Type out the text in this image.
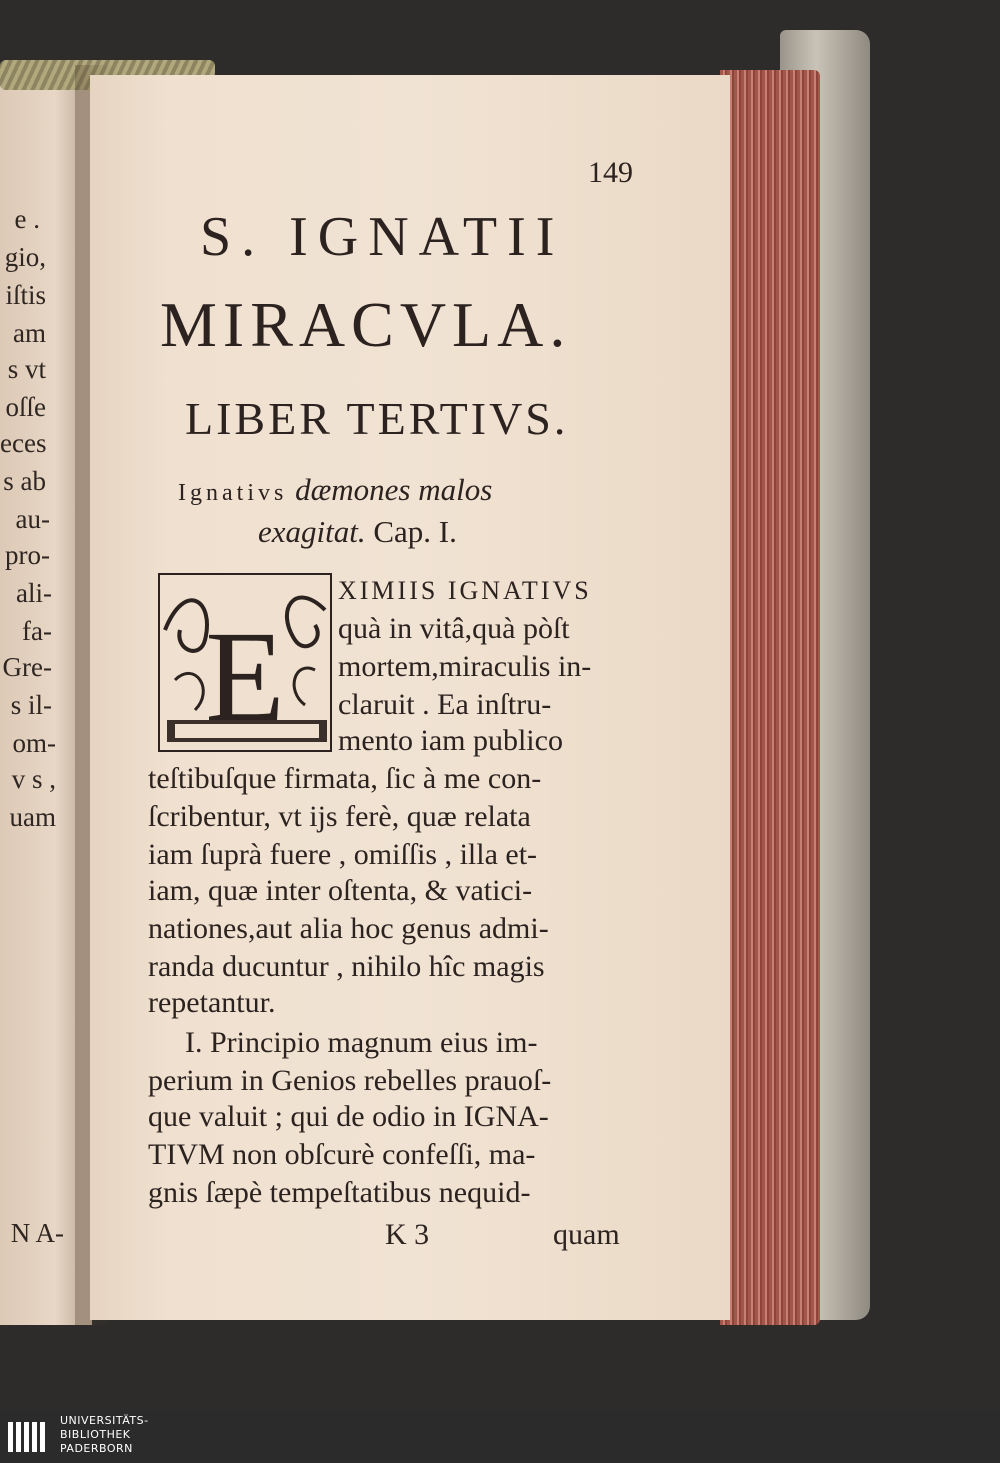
e .
gio,
iſtis
am
s vt
oſſe
eces
s ab
au-
pro-
ali-
fa-
Gre-
s il-
om-
v s ,
uam
N A-
149
S. IGNATII
MIRACVLA.
LIBER TERTIVS.
Ignativs dæmones malos
exagitat. Cap. I.
E
XIMIIS IGNATIVS
quà in vitâ,quà pòſt
mortem,miraculis in-
claruit . Ea inſtru-
mento iam publico
teſtibuſque firmata, ſic à me con-
ſcribentur, vt ijs ferè, quæ relata
iam ſuprà fuere , omiſſis , illa et-
iam, quæ inter oſtenta, & vatici-
nationes,aut alia hoc genus admi-
randa ducuntur , nihilo hîc magis
repetantur.
I. Principio magnum eius im-
perium in Genios rebelles prauoſ-
que valuit ; qui de odio in IGNA-
TIVM non obſcurè confeſſi, ma-
gnis ſæpè tempeſtatibus nequid-
K 3	quam
UNIVERSITÄTS-
BIBLIOTHEK
PADERBORN
